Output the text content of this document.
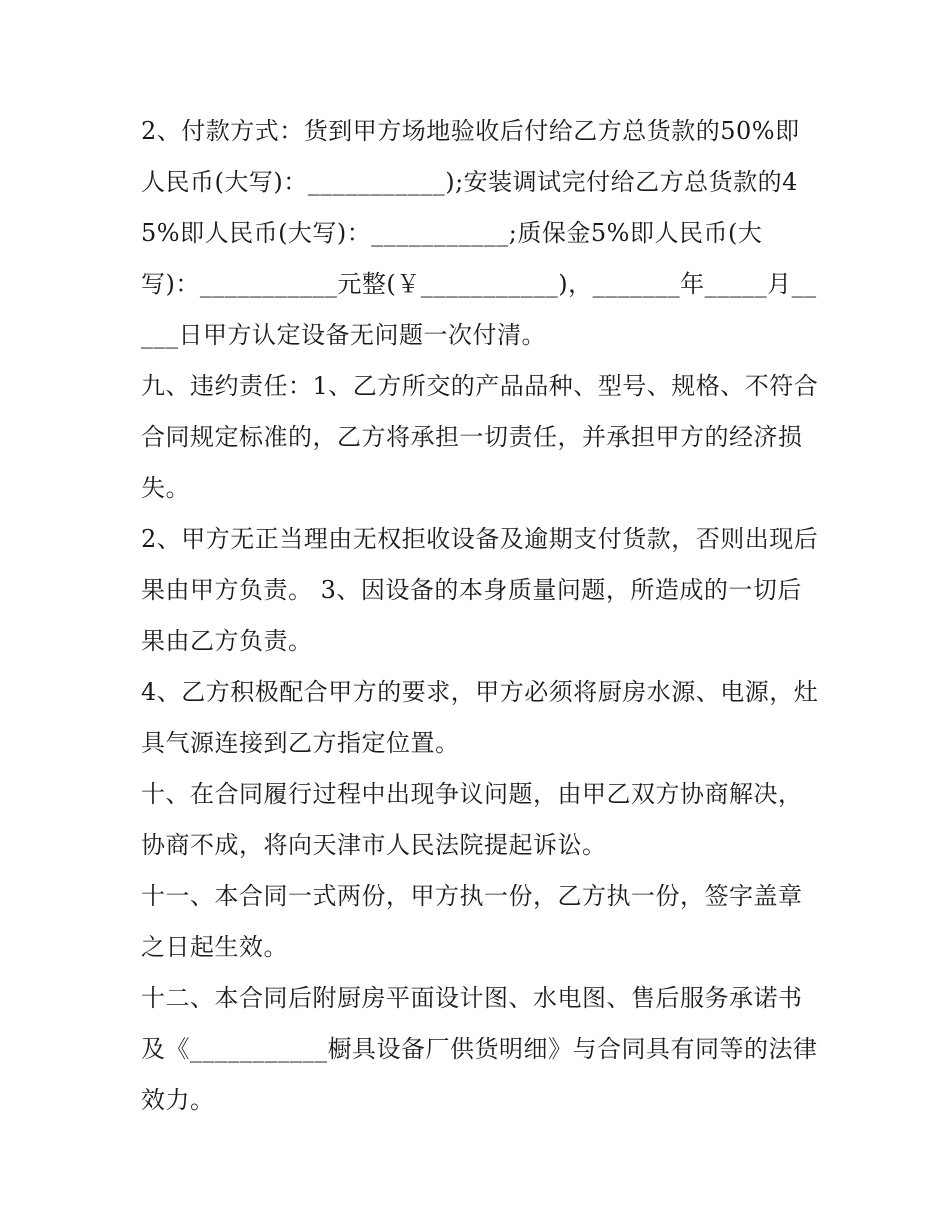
2、付款方式：货到甲方场地验收后付给乙方总货款的50%即人民币(大写)：___________);安装调试完付给乙方总货款的45%即人民币(大写)：___________;质保金5%即人民币(大写)：___________元整(￥___________)，_______年_____月_____日甲方认定设备无问题一次付清。

九、违约责任：1、乙方所交的产品品种、型号、规格、不符合合同规定标准的，乙方将承担一切责任，并承担甲方的经济损失。

2、甲方无正当理由无权拒收设备及逾期支付货款，否则出现后果由甲方负责。 3、因设备的本身质量问题，所造成的一切后果由乙方负责。

4、乙方积极配合甲方的要求，甲方必须将厨房水源、电源，灶具气源连接到乙方指定位置。

十、在合同履行过程中出现争议问题，由甲乙双方协商解决，协商不成，将向天津市人民法院提起诉讼。

十一、本合同一式两份，甲方执一份，乙方执一份，签字盖章之日起生效。

十二、本合同后附厨房平面设计图、水电图、售后服务承诺书及《___________橱具设备厂供货明细》与合同具有同等的法律效力。
